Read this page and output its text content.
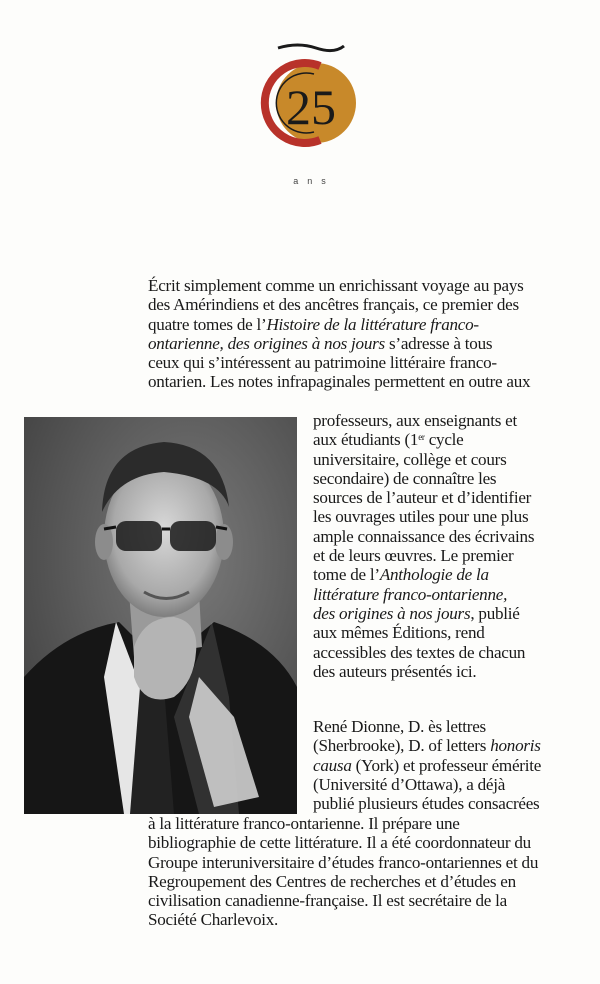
25
ans
Écrit simplement comme un enrichissant voyage au pays
des Amérindiens et des ancêtres français, ce premier des
quatre tomes de l’Histoire de la littérature franco-
ontarienne, des origines à nos jours s’adresse à tous
ceux qui s’intéressent au patrimoine littéraire franco-
ontarien. Les notes infrapaginales permettent en outre aux
professeurs, aux enseignants et
aux étudiants (1er cycle
universitaire, collège et cours
secondaire) de connaître les
sources de l’auteur et d’identifier
les ouvrages utiles pour une plus
ample connaissance des écrivains
et de leurs œuvres. Le premier
tome de l’Anthologie de la
littérature franco-ontarienne,
des origines à nos jours, publié
aux mêmes Éditions, rend
accessibles des textes de chacun
des auteurs présentés ici.
René Dionne, D. ès lettres
(Sherbrooke), D. of letters honoris
causa (York) et professeur émérite
(Université d’Ottawa), a déjà
publié plusieurs études consacrées
à la littérature franco-ontarienne. Il prépare une
bibliographie de cette littérature. Il a été coordonnateur du
Groupe interuniversitaire d’études franco-ontariennes et du
Regroupement des Centres de recherches et d’études en
civilisation canadienne-française. Il est secrétaire de la
Société Charlevoix.
